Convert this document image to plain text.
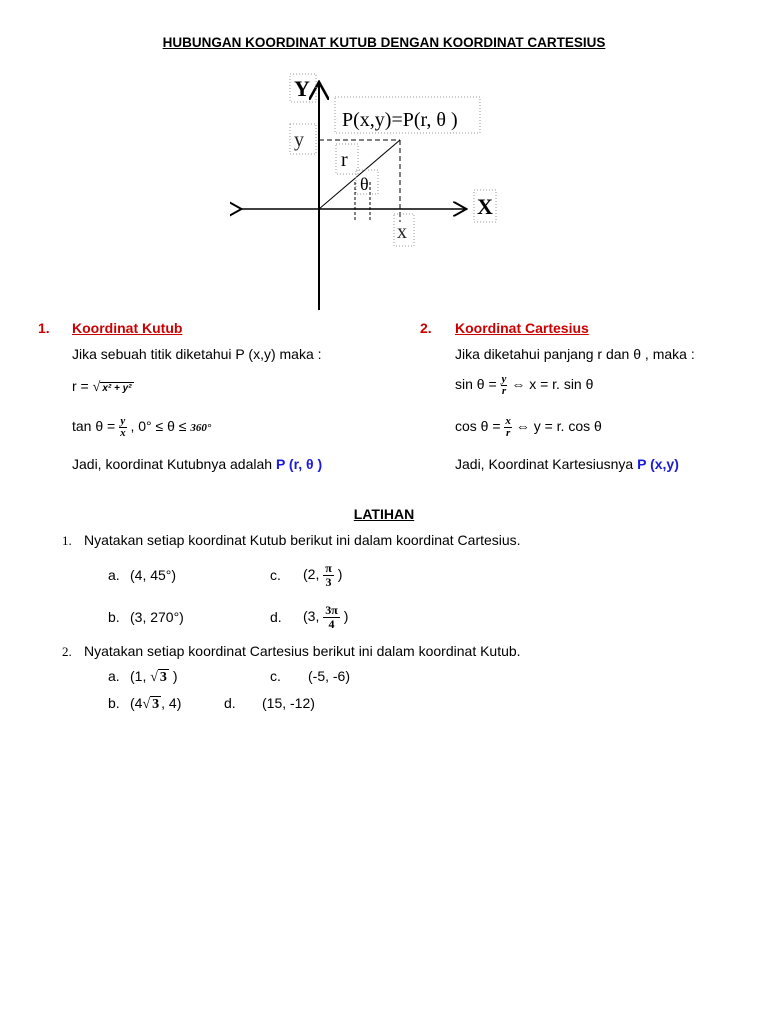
HUBUNGAN KOORDINAT KUTUB DENGAN KOORDINAT CARTESIUS
Y
y
P(x,y)=P(r, θ )
r
θ
X
x
1. Koordinat Kutub
Jika sebuah titik diketahui P (x,y) maka :
r = √ x² + y²
$\tan \theta = \frac{y}{x}$ , 0° ≤ θ ≤ 360°
Jadi, koordinat Kutubnya adalah P (r, θ )
2. Koordinat Cartesius
Jika diketahui panjang r dan θ , maka :
$\sin \theta = \frac{y}{r}$ ⇔ x = r. sin θ
$\cos \theta = \frac{x}{r}$ ⇔ y = r. cos θ
Jadi, Koordinat Kartesiusnya P (x,y)
LATIHAN
1. Nyatakan setiap koordinat Kutub berikut ini dalam koordinat Cartesius.
a. (4, 45°)	c. (2, $\frac{\pi}{3}$ )
b. (3, 270°)	d. (3, $\frac{3\pi}{4}$ )
2. Nyatakan setiap koordinat Cartesius berikut ini dalam koordinat Kutub.
a. (1, √ 3 )	c. (-5, -6)
b. (4√ 3 , 4)	d. (15, -12)
